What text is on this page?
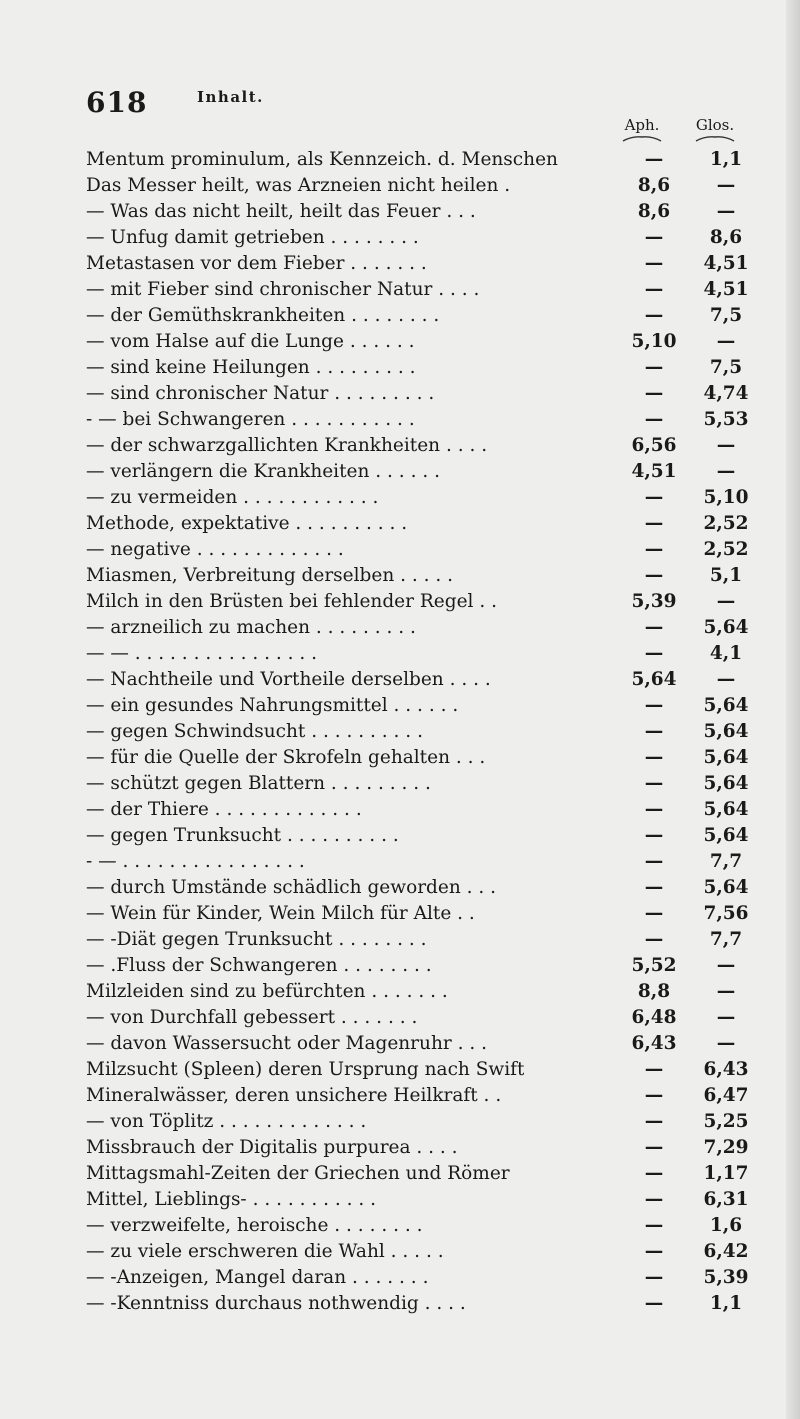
618	Inhalt.
Aph.	Glos.
Mentum prominulum, als Kennzeich. d. Menschen	—	1,1
Das Messer heilt, was Arzneien nicht heilen .	8,6	—
— Was das nicht heilt, heilt das Feuer . . .	8,6	—
— Unfug damit getrieben . . . . . . . .	—	8,6
Metastasen vor dem Fieber . . . . . . .	—	4,51
— mit Fieber sind chronischer Natur . . . .	—	4,51
— der Gemüthskrankheiten . . . . . . . .	—	7,5
— vom Halse auf die Lunge . . . . . .	5,10	—
— sind keine Heilungen . . . . . . . . .	—	7,5
— sind chronischer Natur . . . . . . . . .	—	4,74
- — bei Schwangeren . . . . . . . . . . .	—	5,53
— der schwarzgallichten Krankheiten . . . .	6,56	—
— verlängern die Krankheiten . . . . . .	4,51	—
— zu vermeiden . . . . . . . . . . . .	—	5,10
Methode, expektative . . . . . . . . . .	—	2,52
— negative . . . . . . . . . . . . .	—	2,52
Miasmen, Verbreitung derselben . . . . .	—	5,1
Milch in den Brüsten bei fehlender Regel . .	5,39	—
— arzneilich zu machen . . . . . . . . .	—	5,64
— — . . . . . . . . . . . . . . . .	—	4,1
— Nachtheile und Vortheile derselben . . . .	5,64	—
— ein gesundes Nahrungsmittel . . . . . .	—	5,64
— gegen Schwindsucht . . . . . . . . . .	—	5,64
— für die Quelle der Skrofeln gehalten . . .	—	5,64
— schützt gegen Blattern . . . . . . . . .	—	5,64
— der Thiere . . . . . . . . . . . . .	—	5,64
— gegen Trunksucht . . . . . . . . . .	—	5,64
- — . . . . . . . . . . . . . . . .	—	7,7
— durch Umstände schädlich geworden . . .	—	5,64
— Wein für Kinder, Wein Milch für Alte . .	—	7,56
— -Diät gegen Trunksucht . . . . . . . .	—	7,7
— .Fluss der Schwangeren . . . . . . . .	5,52	—
Milzleiden sind zu befürchten . . . . . . .	8,8	—
— von Durchfall gebessert . . . . . . .	6,48	—
— davon Wassersucht oder Magenruhr . . .	6,43	—
Milzsucht (Spleen) deren Ursprung nach Swift	—	6,43
Mineralwässer, deren unsichere Heilkraft . .	—	6,47
— von Töplitz . . . . . . . . . . . . .	—	5,25
Missbrauch der Digitalis purpurea . . . .	—	7,29
Mittagsmahl-Zeiten der Griechen und Römer	—	1,17
Mittel, Lieblings- . . . . . . . . . . .	—	6,31
— verzweifelte, heroische . . . . . . . .	—	1,6
— zu viele erschweren die Wahl . . . . .	—	6,42
— -Anzeigen, Mangel daran . . . . . . .	—	5,39
— -Kenntniss durchaus nothwendig . . . .	—	1,1
